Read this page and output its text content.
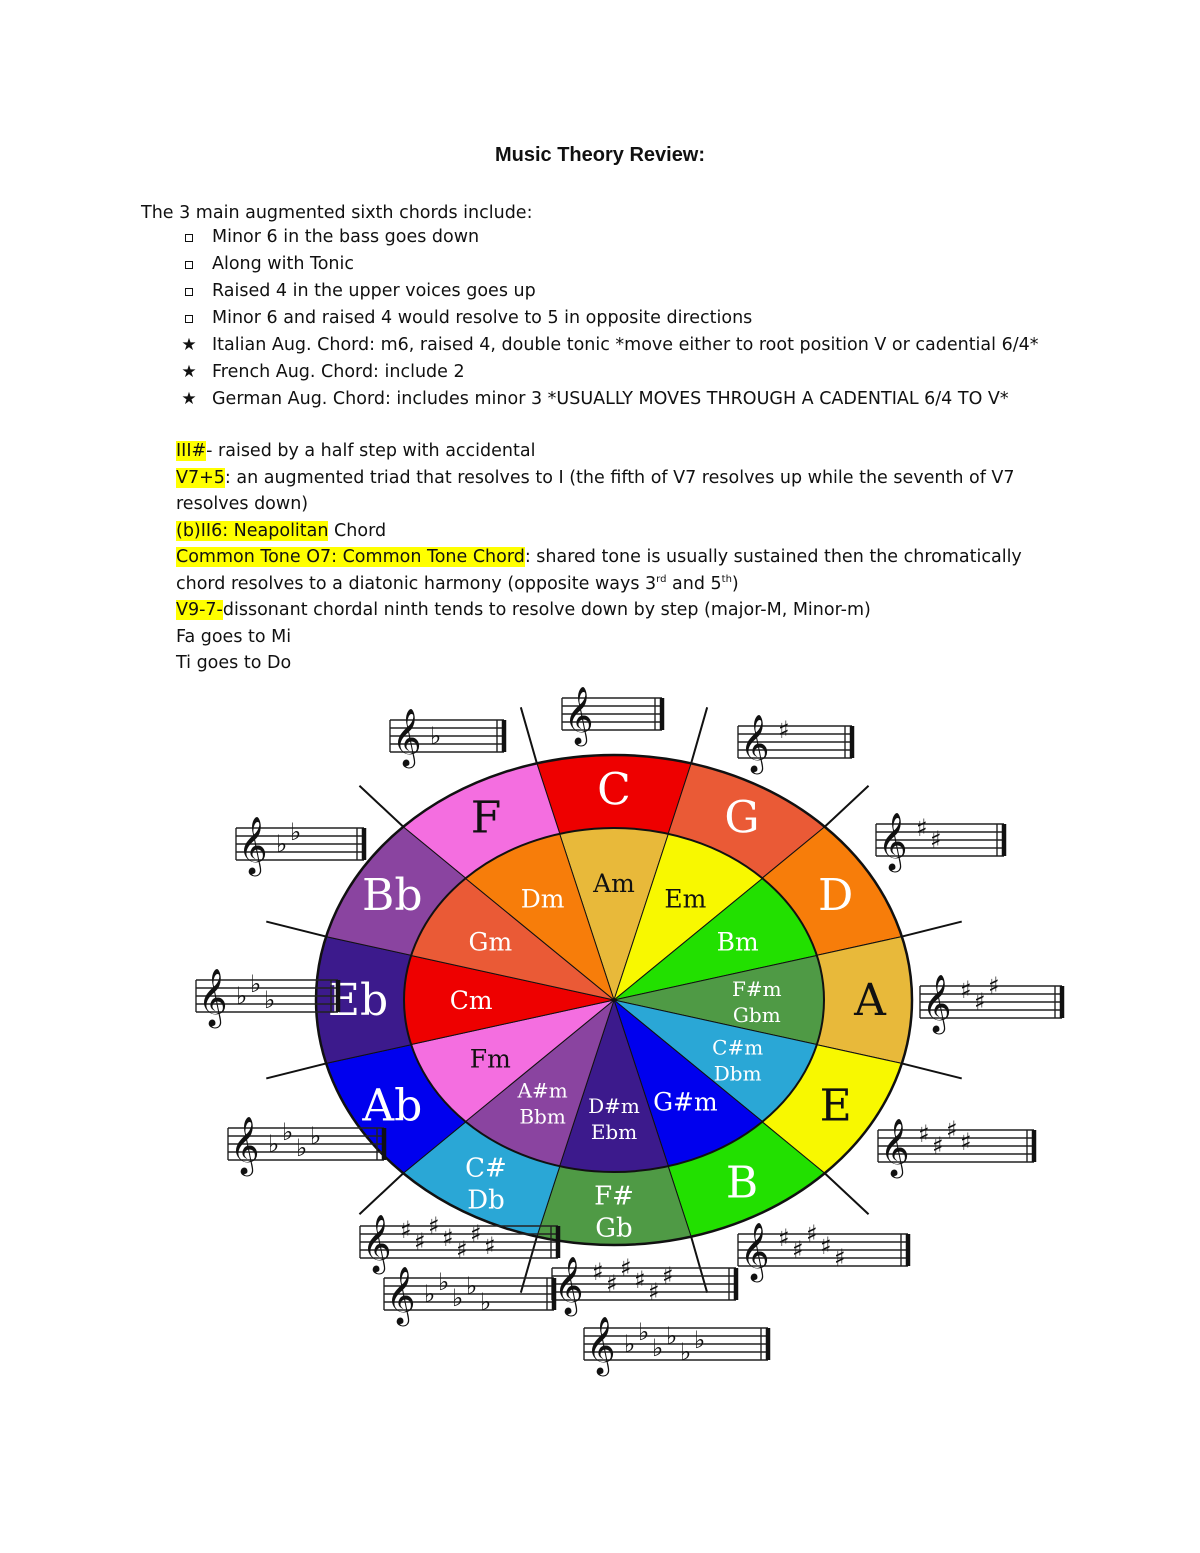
Music Theory Review:
The 3 main augmented sixth chords include:
Minor 6 in the bass goes down
Along with Tonic
Raised 4 in the upper voices goes up
Minor 6 and raised 4 would resolve to 5 in opposite directions
★ Italian Aug. Chord: m6, raised 4, double tonic *move either to root position V or cadential 6/4*
★ French Aug. Chord: include 2
★ German Aug. Chord: includes minor 3 *USUALLY MOVES THROUGH A CADENTIAL 6/4 TO V*

III#- raised by a half step with accidental

V7+5: an augmented triad that resolves to I (the fifth of V7 resolves up while the seventh of V7 resolves down)

(b)II6: Neapolitan Chord

Common Tone O7: Common Tone Chord: shared tone is usually sustained then the chromatically chord resolves to a diatonic harmony (opposite ways 3rd and 5th)

V9-7-dissonant chordal ninth tends to resolve down by step (major-M, Minor-m)

Fa goes to Mi

Ti goes to Do

C
Am
G
Em	D
Bm
A
F#m Gbm
E
C#m Dbm
B
G#m
F# Gb
D#m Ebm
C# Db
A#m Bbm
Ab
Fm
Eb Cm
Bb
Gm
F
Dm
𝄞	𝄞 ♯
𝄞 ♯ ♯
𝄞 ♯ ♯
♯
𝄞 ♯ ♯
♯ ♯
𝄞 ♯ ♯
♯ ♯ ♯
𝄞 ♯ ♯
♯ ♯ ♯
♯
𝄞 ♭ ♭
♭ ♭
♭ ♭
𝄞 ♯ ♯
♯ ♯ ♯
♯ ♯
𝄞 ♭ ♭
♭ ♭
♭
𝄞 ♭ ♭
♭ ♭
𝄞 ♭ ♭
♭
𝄞 ♭ ♭
𝄞 ♭
